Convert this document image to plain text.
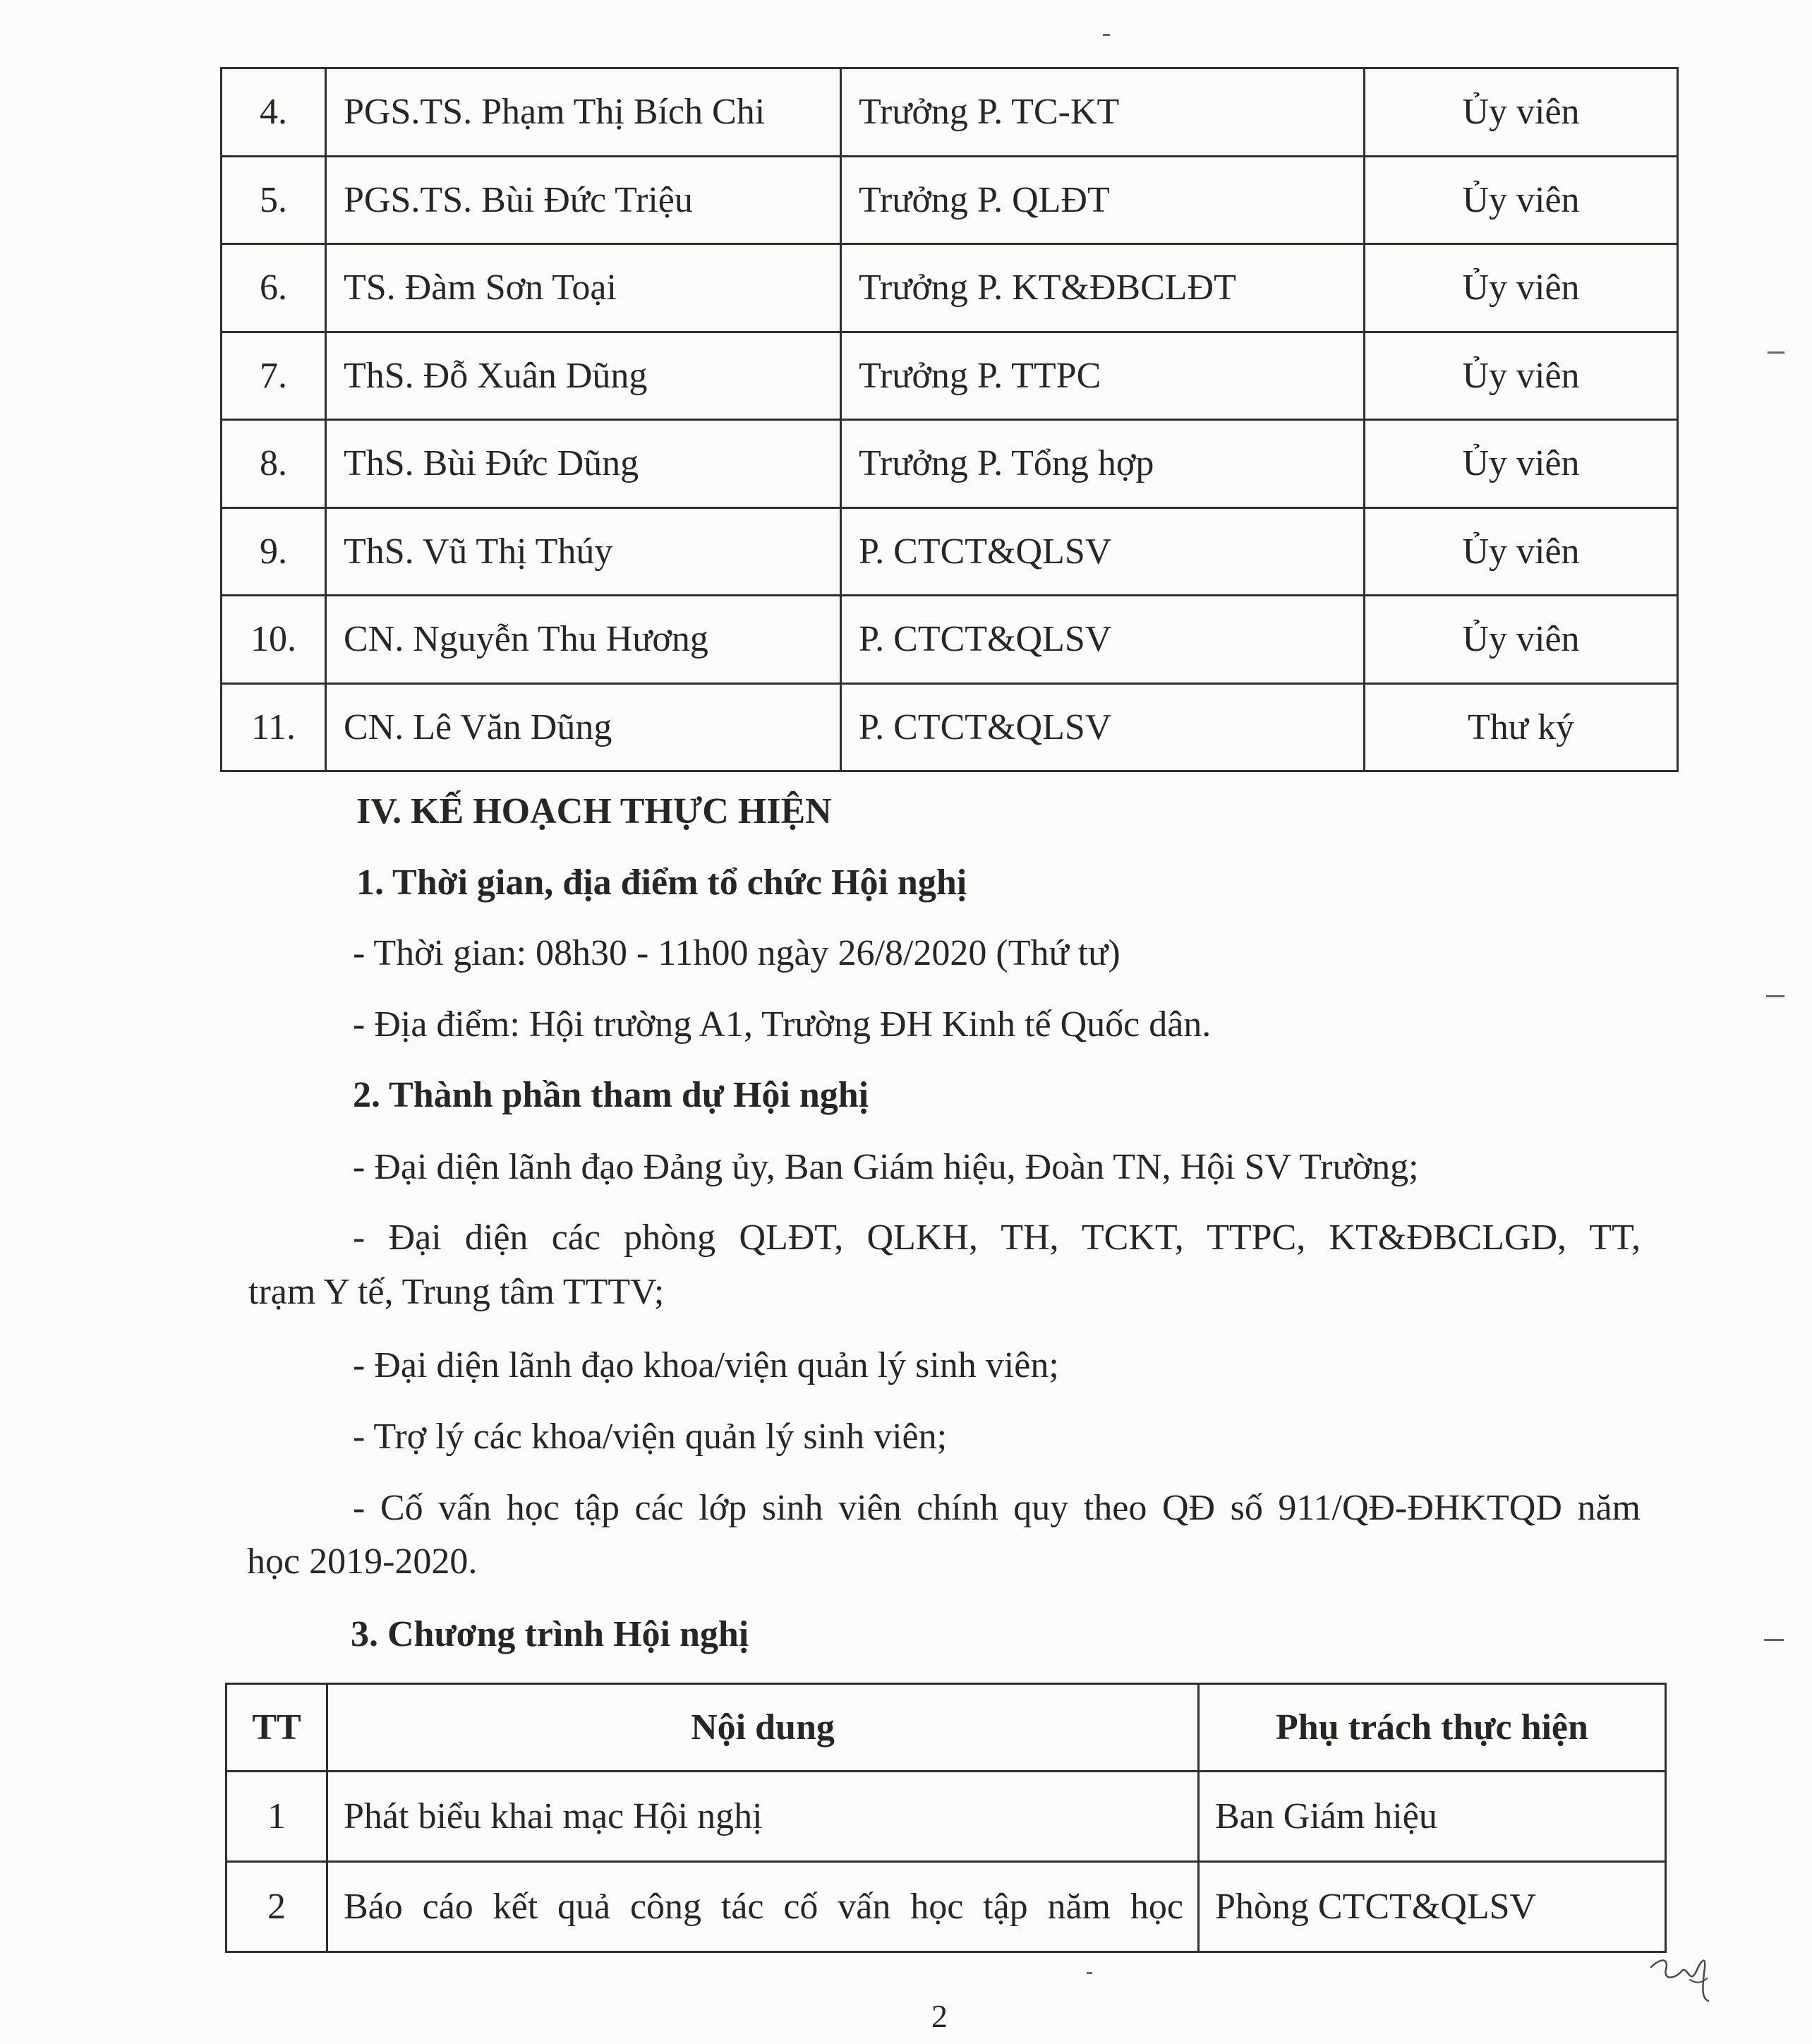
4.	PGS.TS. Phạm Thị Bích Chi	Trưởng P. TC-KT	Ủy viên
5.	PGS.TS. Bùi Đức Triệu	Trưởng P. QLĐT	Ủy viên
6.	TS. Đàm Sơn Toại	Trưởng P. KT&ĐBCLĐT	Ủy viên
7.	ThS. Đỗ Xuân Dũng	Trưởng P. TTPC	Ủy viên
8.	ThS. Bùi Đức Dũng	Trưởng P. Tổng hợp	Ủy viên
9.	ThS. Vũ Thị Thúy	P. CTCT&QLSV	Ủy viên
10.	CN. Nguyễn Thu Hương	P. CTCT&QLSV	Ủy viên
11.	CN. Lê Văn Dũng	P. CTCT&QLSV	Thư ký
IV. KẾ HOẠCH THỰC HIỆN
1. Thời gian, địa điểm tổ chức Hội nghị
- Thời gian: 08h30 - 11h00 ngày 26/8/2020 (Thứ tư)
- Địa điểm: Hội trường A1, Trường ĐH Kinh tế Quốc dân.
2. Thành phần tham dự Hội nghị
- Đại diện lãnh đạo Đảng ủy, Ban Giám hiệu, Đoàn TN, Hội SV Trường;
- Đại diện các phòng QLĐT, QLKH, TH, TCKT, TTPC, KT&ĐBCLGD, TT,
trạm Y tế, Trung tâm TTTV;
- Đại diện lãnh đạo khoa/viện quản lý sinh viên;
- Trợ lý các khoa/viện quản lý sinh viên;
- Cố vấn học tập các lớp sinh viên chính quy theo QĐ số 911/QĐ-ĐHKTQD năm
học 2019-2020.
3. Chương trình Hội nghị
TT	Nội dung	Phụ trách thực hiện
1	Phát biểu khai mạc Hội nghị	Ban Giám hiệu
2	Báo cáo kết quả công tác cố vấn học tập năm học	Phòng CTCT&QLSV
2
